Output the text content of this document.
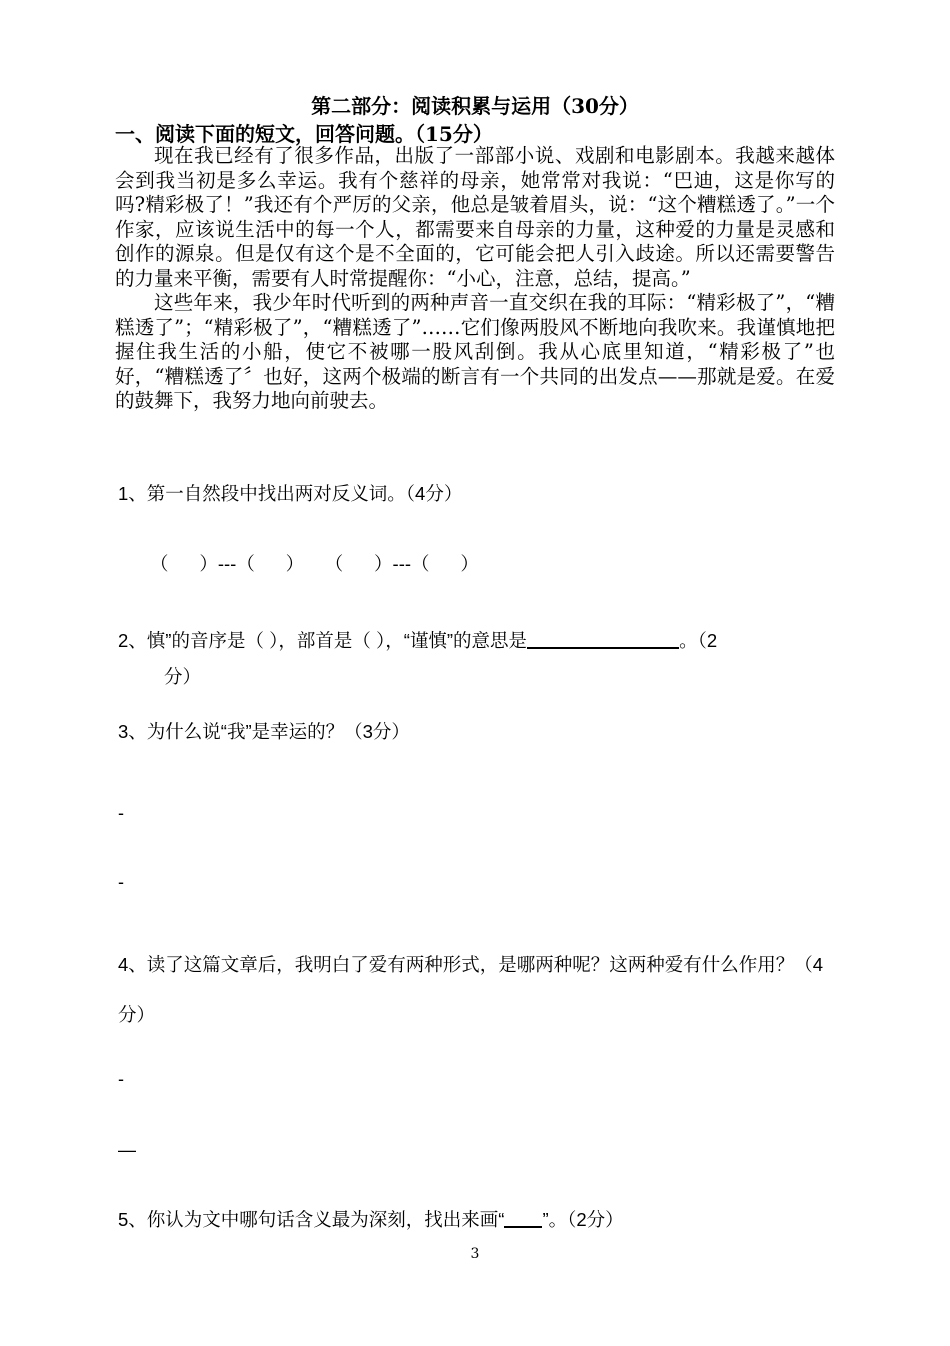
第二部分：阅读积累与运用（30分）
一、阅读下面的短文，回答问题。（15分）

现在我已经有了很多作品，出版了一部部小说、戏剧和电影剧本。我越来越体会到我当初是多么幸运。我有个慈祥的母亲，她常常对我说：“巴迪，这是你写的吗?精彩极了！”我还有个严厉的父亲，他总是皱着眉头，说：“这个糟糕透了。”一个作家，应该说生活中的每一个人，都需要来自母亲的力量，这种爱的力量是灵感和创作的源泉。但是仅有这个是不全面的，它可能会把人引入歧途。所以还需要警告的力量来平衡，需要有人时常提醒你：“小心，注意，总结，提高。”

这些年来，我少年时代听到的两种声音一直交织在我的耳际：“精彩极了”，“糟糕透了”；“精彩极了”，“糟糕透了”……它们像两股风不断地向我吹来。我谨慎地把握住我生活的小船，使它不被哪一股风刮倒。我从心底里知道，“精彩极了”也好，“糟糕透了〞也好，这两个极端的断言有一个共同的出发点——那就是爱。在爱的鼓舞下，我努力地向前驶去。

1、第一自然段中找出两对反义词。（4分）
（      ）---（      ）    （      ）---（      ）
2、慎”的音序是（ ），部首是（ ），“谨慎”的意思是	。（2
分）
3、为什么说“我”是幸运的？（3分）
-
-
4、读了这篇文章后，我明白了爱有两种形式，是哪两种呢？这两种爱有什么作用？（4分）
-
—
5、你认为文中哪句话含义最为深刻，找出来画“ ”。（2分）
3
